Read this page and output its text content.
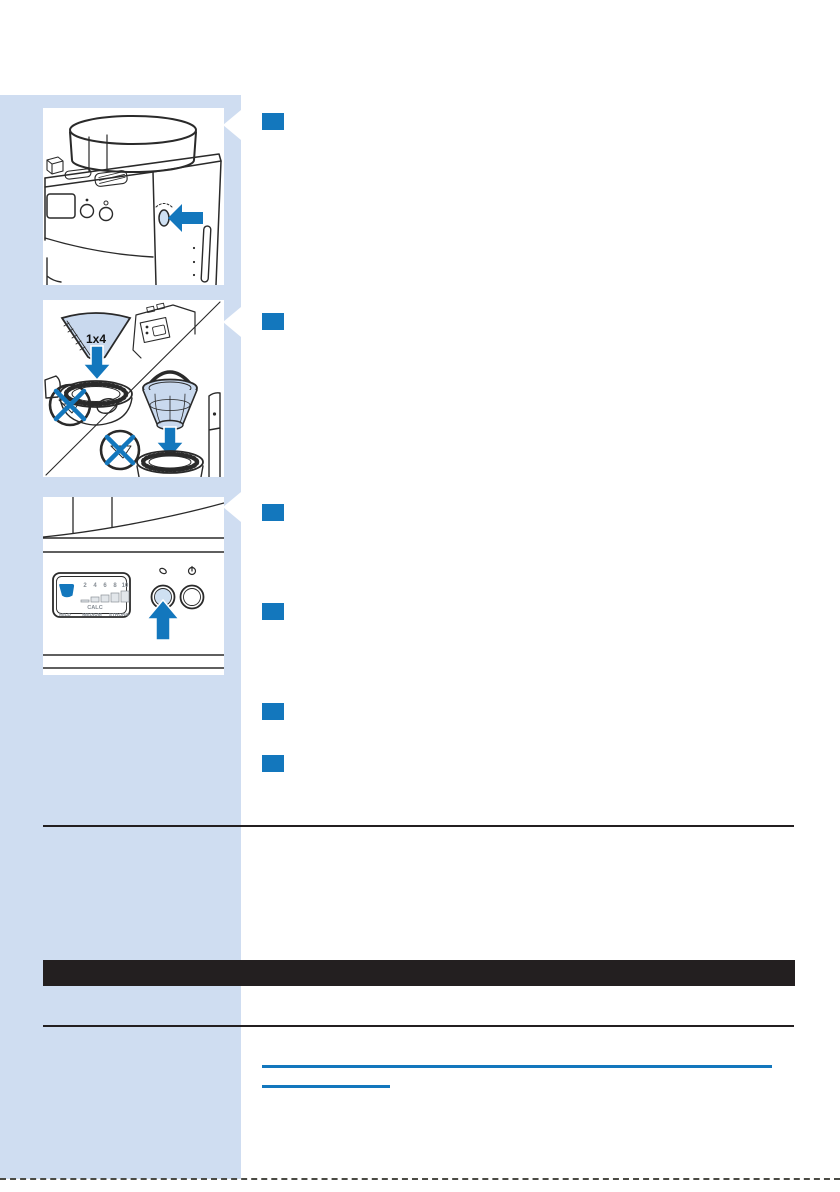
1x4
2 4 6 8 10
CALC
MILD MEDIUM STRONG
